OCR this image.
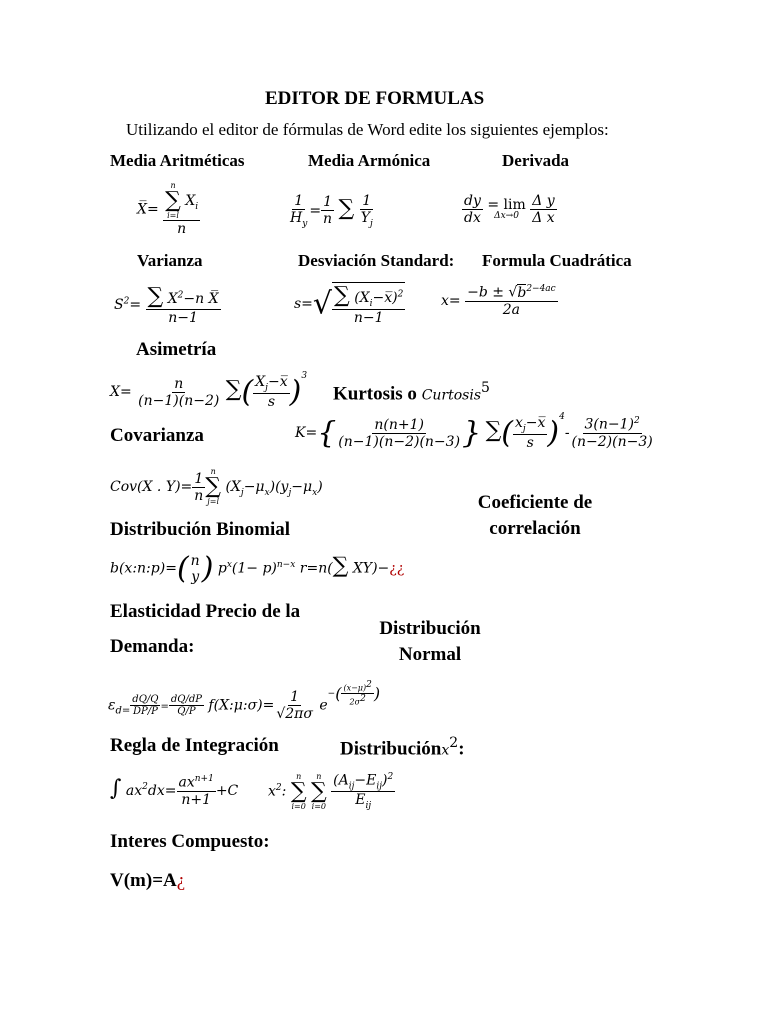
EDITOR DE FORMULAS
Utilizando el editor de fórmulas de Word edite los siguientes ejemplos:
Media Aritméticas	Media Armónica	Derivada
X̅= n
∑
i=l
$X_i$
n	$\frac{1}{H_y} = \frac{1}{n}$ ∑ $\frac{1}{Y_j}$	$\frac{dy}{dx}$
= lim
Δx→0
$\frac{\text{Δ y}}{\text{Δ x}}$
Varianza	Desviación Standard: Formula Cuadrática
$S^2= \frac{\sum X^2-n X̅}{n-1}$	$s=√ \frac{\sum (X_i-x̅)^2}{n-1}$	$x= \frac{-b \pm √b^{2-4ac}}{2a}$
Asimetría
$X= \frac{n}{(n-1)(n-2)}$ ∑( $\frac{X_j-x̅}{s} )^3$
Kurtosis o Curtosis$^5$
Covarianza	$K=\{ \frac{n(n+1)}{(n-1)(n-2)(n-3)}$ } ∑( $\frac{x_j-x̅}{s} )^4- \frac{3(n-1)^2}{(n-2)(n-3)}$
Cov(X . $Y)= \frac{1}{n}$ n
∑
j=l
$(X_j-\mu_x)(y_j-\mu_x)$
Coeficiente de correlación
Distribución Binomial
b(x:n:p)=( n
y ) $p^x(1- p)^{n-x}$ r=n(∑ XY)−¿¿
Elasticidad Precio de la
Demanda:
Distribución Normal
$\varepsilon_{d=} \frac{dQ/Q}{DP/P} = \frac{dQ/dP}{Q/P}$ f(X:μ:σ)= $\frac{1}{√2\pi\sigma} e^{-( \frac{(x-\mu)^2}{2\sigma^2} )}$
Regla de Integración	Distribuciónx$^2$:
∫ $ax^2dx= \frac{ax^{n+1}}{n+1} +C$ $x^2$:
n
∑
i=0

n
∑
i=0
$\frac{(A_{ij}-E_{ij})^2}{E_{ij}}$
Interes Compuesto:
V(m)=A¿
